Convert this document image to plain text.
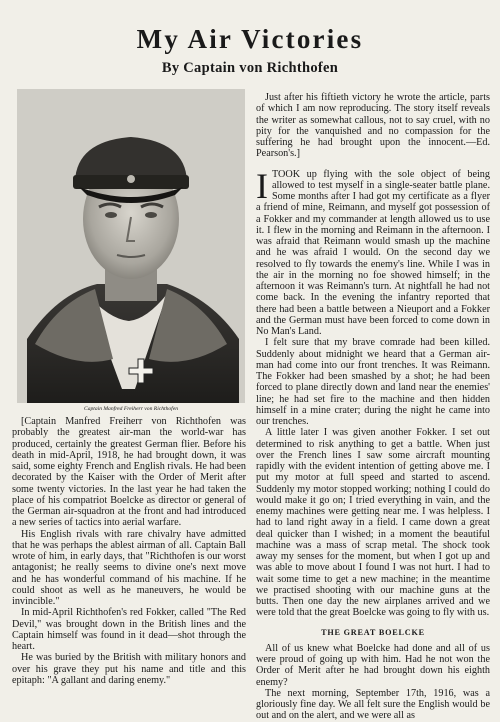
My Air Victories
By Captain von Richthofen
Captain Manfred Freiherr von Richthofen

[Captain Manfred Freiherr von Richthofen was probably the greatest air-man the world-war has produced, certainly the greatest German flier. Before his death in mid-April, 1918, he had brought down, it was said, some eighty French and English rivals. He had been decorated by the Kaiser with the Order of Merit after some twenty victories. In the last year he had taken the place of his compatriot Boelcke as director or general of the German air-squadron at the front and had introduced a new series of tactics into aerial warfare.

His English rivals with rare chivalry have admitted that he was perhaps the ablest airman of all. Captain Ball wrote of him, in early days, that "Richthofen is our worst antagonist; he really seems to divine one's next move and he has wonderful command of his machine. If he could shoot as well as he maneuvers, he would be invincible."

In mid-April Richthofen's red Fokker, called "The Red Devil," was brought down in the British lines and the Captain himself was found in it dead—shot through the heart.

He was buried by the British with military honors and over his grave they put his name and title and this epitaph: "A gallant and daring enemy."

Just after his fiftieth victory he wrote the article, parts of which I am now reproducing. The story itself reveals the writer as somewhat callous, not to say cruel, with no pity for the vanquished and no compassion for the suffering he had brought upon the innocent.—Ed. Pearson's.]

I TOOK up flying with the sole object of being allowed to test myself in a single-seater battle plane. Some months after I had got my certificate as a flyer a friend of mine, Reimann, and myself got possession of a Fokker and my commander at length allowed us to use it. I flew in the morning and Reimann in the afternoon. I was afraid that Reimann would smash up the machine and he was afraid I would. On the second day we resolved to fly towards the enemy's line. While I was in the air in the morning no foe showed himself; in the afternoon it was Reimann's turn. At nightfall he had not come back. In the evening the infantry reported that there had been a battle between a Nieuport and a Fokker and the German must have been forced to come down in No Man's Land.

I felt sure that my brave comrade had been killed. Suddenly about midnight we heard that a German air-man had come into our front trenches. It was Reimann. The Fokker had been smashed by a shot; he had been forced to plane directly down and land near the enemies' line; he had set fire to the machine and then hidden himself in a mine crater; during the night he came into our trenches.

A little later I was given another Fokker. I set out determined to risk anything to get a battle. When just over the French lines I saw some aircraft mounting rapidly with the evident intention of getting above me. I put my motor at full speed and started to ascend. Suddenly my motor stopped working; nothing I could do would make it go on; I tried everything in vain, and the enemy machines were getting near me. I was helpless. I had to land right away in a field. I came down a great deal quicker than I wished; in a moment the beautiful machine was a mass of scrap metal. The shock took away my senses for the moment, but when I got up and was able to move about I found I was not hurt. I had to wait some time to get a new machine; in the meantime we practised shooting with our machine guns at the butts. Then one day the new airplanes arrived and we were told that the great Boelcke was going to fly with us.

THE GREAT BOELCKE

All of us knew what Boelcke had done and all of us were proud of going up with him. Had he not won the Order of Merit after he had brought down his eighth enemy?

The next morning, September 17th, 1916, was a gloriously fine day. We all felt sure the English would be out and on the alert, and we were all as
